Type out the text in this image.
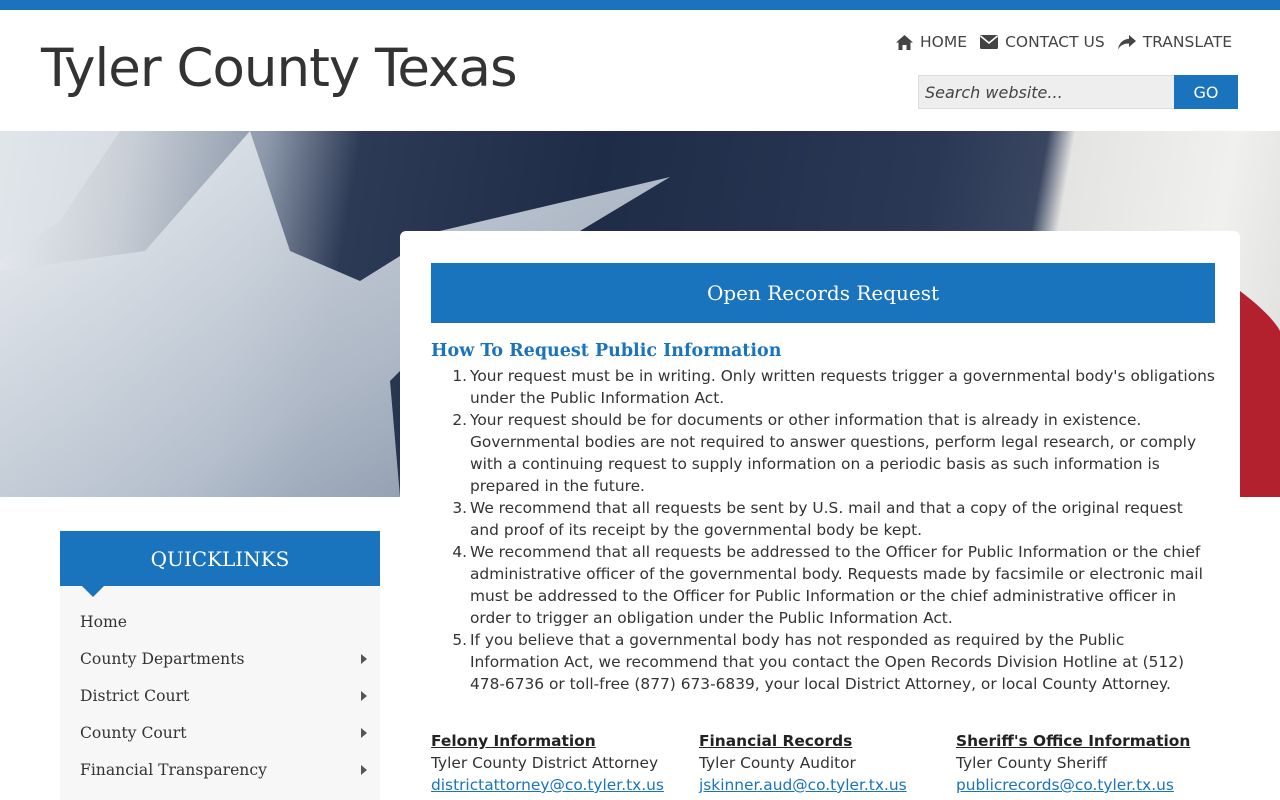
Tyler County Texas	HOME CONTACT US TRANSLATE
Search website...
GO
Open Records Request
How To Request Public Information
1. Your request must be in writing. Only written requests trigger a governmental body's obligations under the Public Information Act.
2. Your request should be for documents or other information that is already in existence. Governmental bodies are not required to answer questions, perform legal research, or comply with a continuing request to supply information on a periodic basis as such information is prepared in the future.
3. We recommend that all requests be sent by U.S. mail and that a copy of the original request and proof of its receipt by the governmental body be kept.
4. We recommend that all requests be addressed to the Officer for Public Information or the chief administrative officer of the governmental body. Requests made by facsimile or electronic mail must be addressed to the Officer for Public Information or the chief administrative officer in order to trigger an obligation under the Public Information Act.
5. If you believe that a governmental body has not responded as required by the Public Information Act, we recommend that you contact the Open Records Division Hotline at (512) 478-6736 or toll-free (877) 673-6839, your local District Attorney, or local County Attorney.
Felony Information
Tyler County District Attorney
districtattorney@co.tyler.tx.us
Financial Records
Tyler County Auditor
jskinner.aud@co.tyler.tx.us
Sheriff's Office Information
Tyler County Sheriff
publicrecords@co.tyler.tx.us
QUICKLINKS
Home
County Departments
District Court
County Court
Financial Transparency
